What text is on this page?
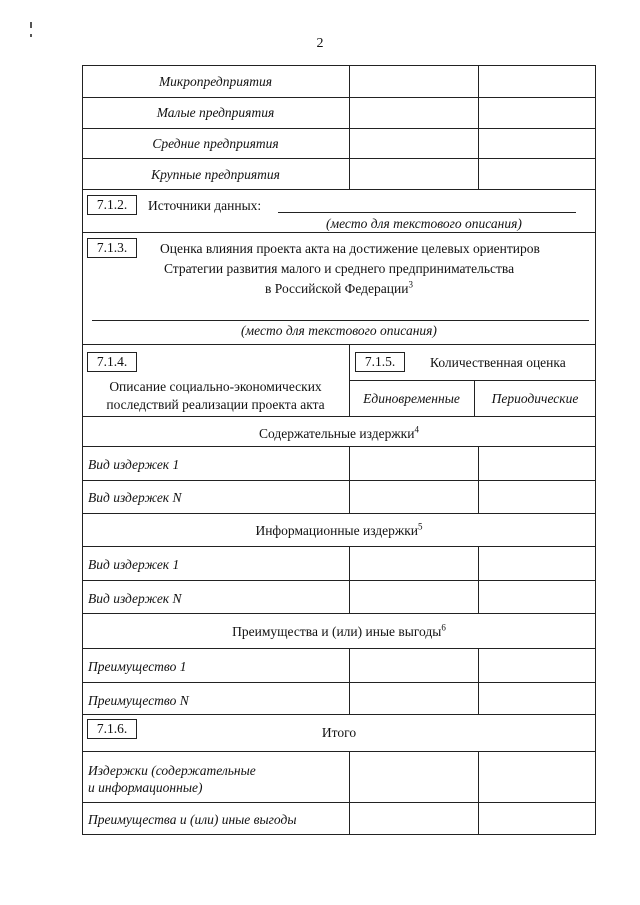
2
Микропредприятия
Малые предприятия
Средние предприятия
Крупные предприятия
7.1.2.	Источники данных:
(место для текстового описания)
7.1.3.	Оценка влияния проекта акта на достижение целевых ориентиров
Стратегии развития малого и среднего предпринимательства
в Российской Федерации$^3$
(место для текстового описания)
7.1.4.
Описание социально-экономических
последствий реализации проекта акта
7.1.5.	Количественная оценка
Единовременные	Периодические
Содержательные издержки$^4$
Вид издержек 1
Вид издержек N
Информационные издержки$^5$
Вид издержек 1
Вид издержек N
Преимущества и (или) иные выгоды$^6$
Преимущество 1
Преимущество N
7.1.6.	Итого
Издержки (содержательные
и информационные)
Преимущества и (или) иные выгоды
